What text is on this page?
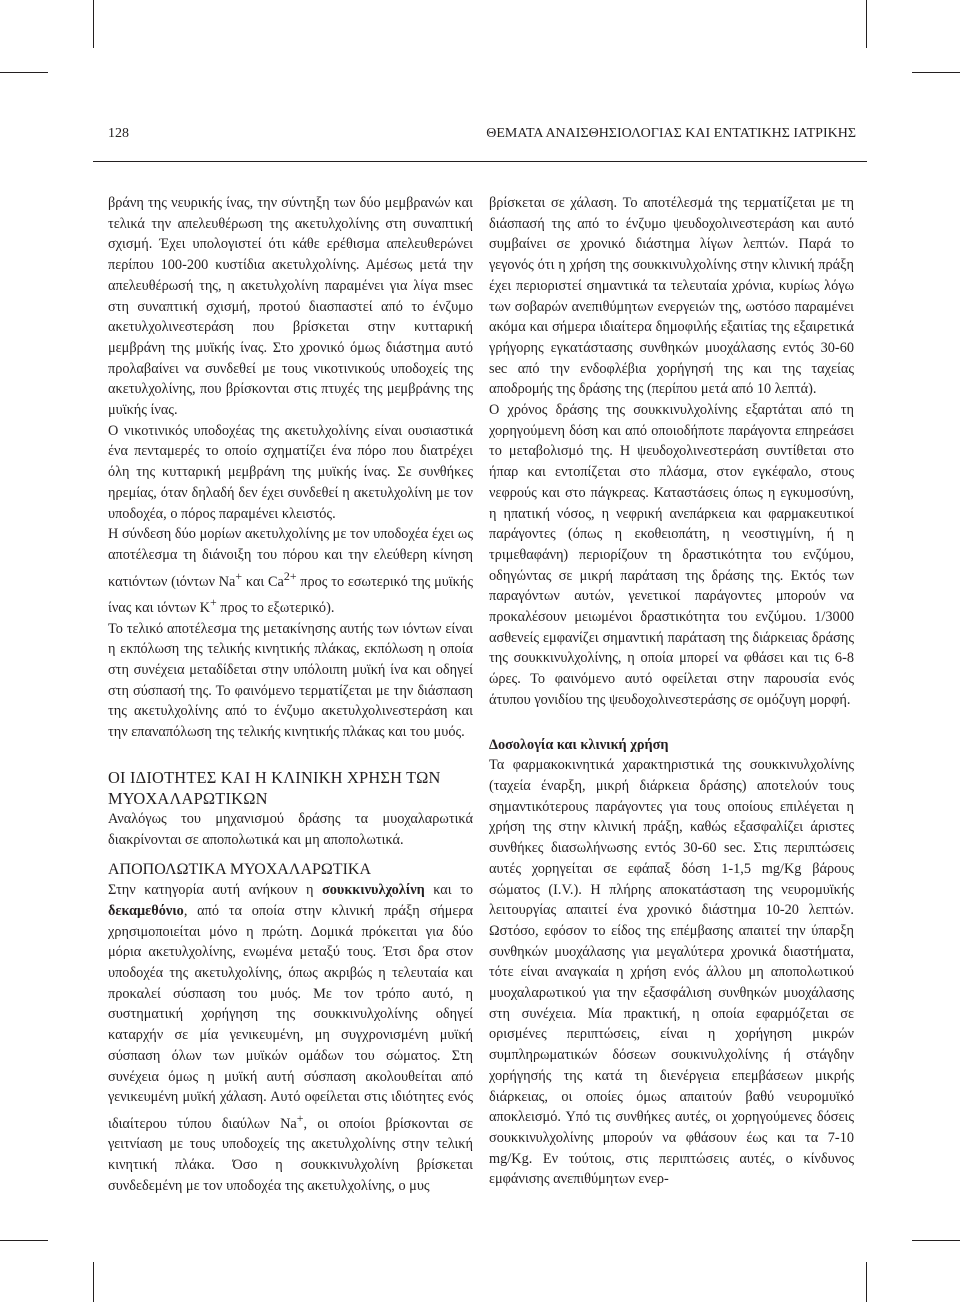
128	ΘΕΜΑΤΑ ΑΝΑΙΣΘΗΣΙΟΛΟΓΙΑΣ ΚΑΙ ΕΝΤΑΤΙΚΗΣ ΙΑΤΡΙΚΗΣ

βράνη της νευρικής ίνας, την σύντηξη των δύο μεμβρανών και τελικά την απελευθέρωση της ακετυλχολίνης στη συναπτική σχισμή. Έχει υπολογιστεί ότι κάθε ερέθισμα απελευθερώνει περίπου 100-200 κυστίδια ακετυλχολίνης. Αμέσως μετά την απελευθέρωσή της, η ακετυλχολίνη παραμένει για λίγα msec στη συναπτική σχισμή, προτού διασπαστεί από το ένζυμο ακετυλχολινεστεράση που βρίσκεται στην κυτταρική μεμβράνη της μυϊκής ίνας. Στο χρονικό όμως διάστημα αυτό προλαβαίνει να συνδεθεί με τους νικοτινικούς υποδοχείς της ακετυλχολίνης, που βρίσκονται στις πτυχές της μεμβράνης της μυϊκής ίνας.

Ο νικοτινικός υποδοχέας της ακετυλχολίνης είναι ουσιαστικά ένα πενταμερές το οποίο σχηματίζει ένα πόρο που διατρέχει όλη της κυτταρική μεμβράνη της μυϊκής ίνας. Σε συνθήκες ηρεμίας, όταν δηλαδή δεν έχει συνδεθεί η ακετυλχολίνη με τον υποδοχέα, ο πόρος παραμένει κλειστός.

Η σύνδεση δύο μορίων ακετυλχολίνης με τον υποδοχέα έχει ως αποτέλεσμα τη διάνοιξη του πόρου και την ελεύθερη κίνηση κατιόντων (ιόντων Na+ και $Ca^{2+}$ προς το εσωτερικό της μυϊκής ίνας και ιόντων K+ προς το εξωτερικό).

Το τελικό αποτέλεσμα της μετακίνησης αυτής των ιόντων είναι η εκπόλωση της τελικής κινητικής πλάκας, εκπόλωση η οποία στη συνέχεια μεταδίδεται στην υπόλοιπη μυϊκή ίνα και οδηγεί στη σύσπασή της. Το φαινόμενο τερματίζεται με την διάσπαση της ακετυλχολίνης από το ένζυμο ακετυλχολινεστεράση και την επαναπόλωση της τελικής κινητικής πλάκας και του μυός.

ΟΙ ΙΔΙΟΤΗΤΕΣ ΚΑΙ Η ΚΛΙΝΙΚΗ ΧΡΗΣΗ ΤΩΝ ΜΥΟΧΑΛΑΡΩΤΙΚΩΝ

Αναλόγως του μηχανισμού δράσης τα μυοχαλαρωτικά διακρίνονται σε αποπολωτικά και μη αποπολωτικά.

ΑΠΟΠΟΛΩΤΙΚΑ ΜΥΟΧΑΛΑΡΩΤΙΚΑ

Στην κατηγορία αυτή ανήκουν η σουκκινυλχολίνη και το δεκαμεθόνιο, από τα οποία στην κλινική πράξη σήμερα χρησιμοποιείται μόνο η πρώτη. Δομικά πρόκειται για δύο μόρια ακετυλχολίνης, ενωμένα μεταξύ τους. Έτσι δρα στον υποδοχέα της ακετυλχολίνης, όπως ακριβώς η τελευταία και προκαλεί σύσπαση του μυός. Με τον τρόπο αυτό, η συστηματική χορήγηση της σουκκινυλχολίνης οδηγεί καταρχήν σε μία γενικευμένη, μη συγχρονισμένη μυϊκή σύσπαση όλων των μυϊκών ομάδων του σώματος. Στη συνέχεια όμως η μυϊκή αυτή σύσπαση ακολουθείται από γενικευμένη μυϊκή χάλαση. Αυτό οφείλεται στις ιδιότητες ενός ιδιαίτερου τύπου διαύλων Na+, οι οποίοι βρίσκονται σε γειτνίαση με τους υποδοχείς της ακετυλχολίνης στην τελική κινητική πλάκα. Όσο η σουκκινυλχολίνη βρίσκεται συνδεδεμένη με τον υποδοχέα της ακετυλχολίνης, ο μυς

βρίσκεται σε χάλαση. Το αποτέλεσμά της τερματίζεται με τη διάσπασή της από το ένζυμο ψευδοχολινεστεράση και αυτό συμβαίνει σε χρονικό διάστημα λίγων λεπτών. Παρά το γεγονός ότι η χρήση της σουκκινυλχολίνης στην κλινική πράξη έχει περιοριστεί σημαντικά τα τελευταία χρόνια, κυρίως λόγω των σοβαρών ανεπιθύμητων ενεργειών της, ωστόσο παραμένει ακόμα και σήμερα ιδιαίτερα δημοφιλής εξαιτίας της εξαιρετικά γρήγορης εγκατάστασης συνθηκών μυοχάλασης εντός 30-60 sec από την ενδοφλέβια χορήγησή της και της ταχείας αποδρομής της δράσης της (περίπου μετά από 10 λεπτά).

Ο χρόνος δράσης της σουκκινυλχολίνης εξαρτάται από τη χορηγούμενη δόση και από οποιοδήποτε παράγοντα επηρεάσει το μεταβολισμό της. Η ψευδοχολινεστεράση συντίθεται στο ήπαρ και εντοπίζεται στο πλάσμα, στον εγκέφαλο, στους νεφρούς και στο πάγκρεας. Καταστάσεις όπως η εγκυμοσύνη, η ηπατική νόσος, η νεφρική ανεπάρκεια και φαρμακευτικοί παράγοντες (όπως η εκοθειοπάτη, η νεοστιγμίνη, ή η τριμεθαφάνη) περιορίζουν τη δραστικότητα του ενζύμου, οδηγώντας σε μικρή παράταση της δράσης της. Εκτός των παραγόντων αυτών, γενετικοί παράγοντες μπορούν να προκαλέσουν μειωμένοι δραστικότητα του ενζύμου. 1/3000 ασθενείς εμφανίζει σημαντική παράταση της διάρκειας δράσης της σουκκινυλχολίνης, η οποία μπορεί να φθάσει και τις 6-8 ώρες. Το φαινόμενο αυτό οφείλεται στην παρουσία ενός άτυπου γονιδίου της ψευδοχολινεστεράσης σε ομόζυγη μορφή.

Δοσολογία και κλινική χρήση

Τα φαρμακοκινητικά χαρακτηριστικά της σουκκινυλχολίνης (ταχεία έναρξη, μικρή διάρκεια δράσης) αποτελούν τους σημαντικότερους παράγοντες για τους οποίους επιλέγεται η χρήση της στην κλινική πράξη, καθώς εξασφαλίζει άριστες συνθήκες διασωλήνωσης εντός 30-60 sec. Στις περιπτώσεις αυτές χορηγείται σε εφάπαξ δόση 1-1,5 mg/Kg βάρους σώματος (I.V.). Η πλήρης αποκατάσταση της νευρομυϊκής λειτουργίας απαιτεί ένα χρονικό διάστημα 10-20 λεπτών. Ωστόσο, εφόσον το είδος της επέμβασης απαιτεί την ύπαρξη συνθηκών μυοχάλασης για μεγαλύτερα χρονικά διαστήματα, τότε είναι αναγκαία η χρήση ενός άλλου μη αποπολωτικού μυοχαλαρωτικού για την εξασφάλιση συνθηκών μυοχάλασης στη συνέχεια. Μία πρακτική, η οποία εφαρμόζεται σε ορισμένες περιπτώσεις, είναι η χορήγηση μικρών συμπληρωματικών δόσεων σουκινυλχολίνης ή στάγδην χορήγησής της κατά τη διενέργεια επεμβάσεων μικρής διάρκειας, οι οποίες όμως απαιτούν βαθύ νευρομυϊκό αποκλεισμό. Υπό τις συνθήκες αυτές, οι χορηγούμενες δόσεις σουκκινυλχολίνης μπορούν να φθάσουν έως και τα 7-10 mg/Kg. Εν τούτοις, στις περιπτώσεις αυτές, ο κίνδυνος εμφάνισης ανεπιθύμητων ενερ-
